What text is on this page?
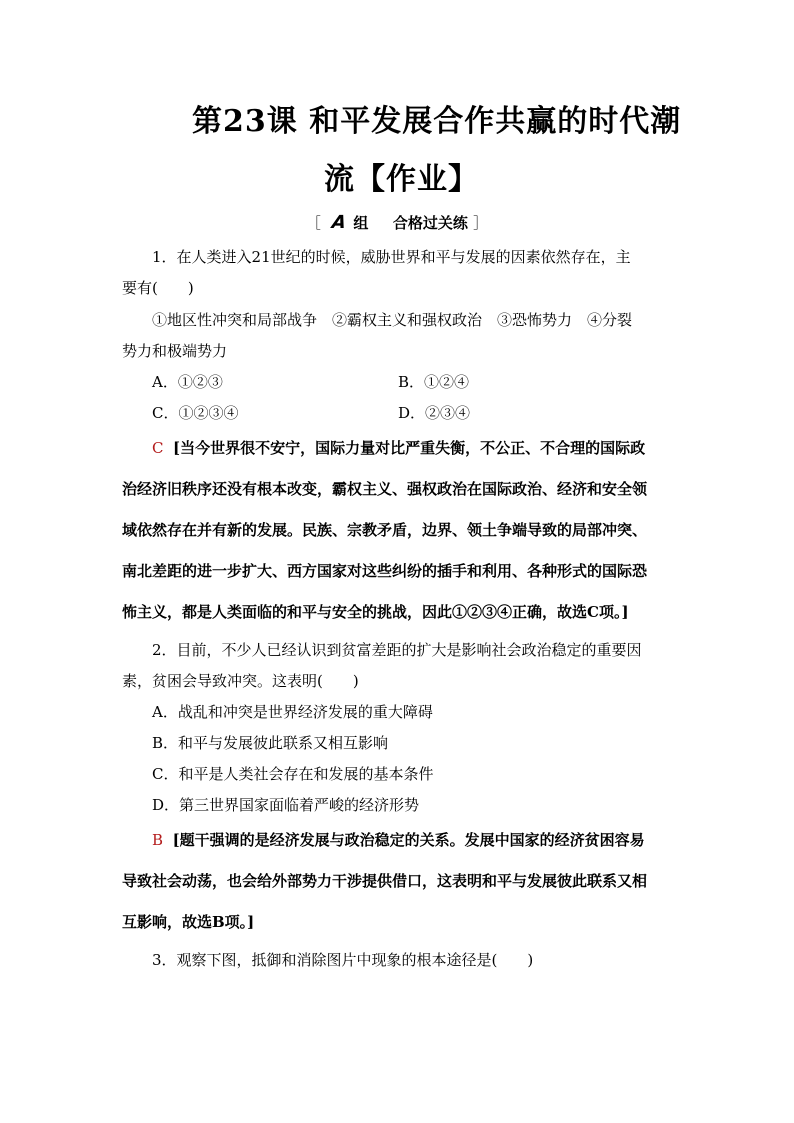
第23课 和平发展合作共赢的时代潮
流【作业】
［ A 组 合格过关练 ］
1．在人类进入21世纪的时候，威胁世界和平与发展的因素依然存在，主
要有(　　)
①地区性冲突和局部战争　②霸权主义和强权政治　③恐怖势力　④分裂
势力和极端势力
A．①②③	B．①②④
C．①②③④	D．②③④
C [当今世界很不安宁，国际力量对比严重失衡，不公正、不合理的国际政
治经济旧秩序还没有根本改变，霸权主义、强权政治在国际政治、经济和安全领
域依然存在并有新的发展。民族、宗教矛盾，边界、领土争端导致的局部冲突、
南北差距的进一步扩大、西方国家对这些纠纷的插手和利用、各种形式的国际恐
怖主义，都是人类面临的和平与安全的挑战，因此①②③④正确，故选C项。]
2．目前，不少人已经认识到贫富差距的扩大是影响社会政治稳定的重要因
素，贫困会导致冲突。这表明(　　)
A．战乱和冲突是世界经济发展的重大障碍
B．和平与发展彼此联系又相互影响
C．和平是人类社会存在和发展的基本条件
D．第三世界国家面临着严峻的经济形势
B [题干强调的是经济发展与政治稳定的关系。发展中国家的经济贫困容易
导致社会动荡，也会给外部势力干涉提供借口，这表明和平与发展彼此联系又相
互影响，故选B项。]
3．观察下图，抵御和消除图片中现象的根本途径是(　　)
